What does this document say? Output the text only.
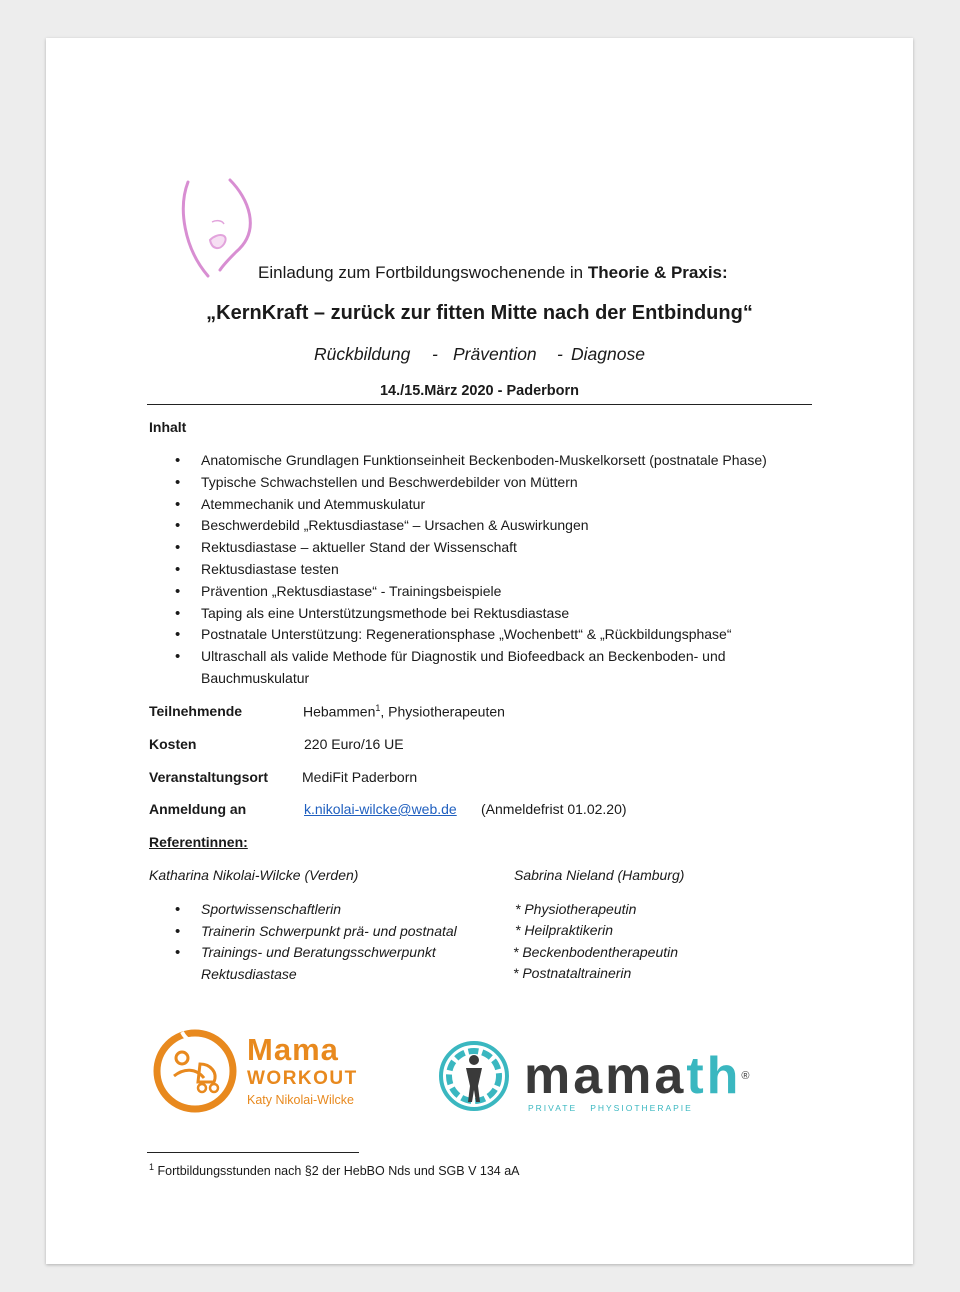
Einladung zum Fortbildungswochenende in Theorie & Praxis:
„KernKraft – zurück zur fitten Mitte nach der Entbindung“
Rückbildung - Prävention - Diagnose
14./15.März 2020 - Paderborn
Inhalt
• Anatomische Grundlagen Funktionseinheit Beckenboden-Muskelkorsett (postnatale Phase)
• Typische Schwachstellen und Beschwerdebilder von Müttern
• Atemmechanik und Atemmuskulatur
• Beschwerdebild „Rektusdiastase“ – Ursachen & Auswirkungen
• Rektusdiastase – aktueller Stand der Wissenschaft
• Rektusdiastase testen
• Prävention „Rektusdiastase“ - Trainingsbeispiele
• Taping als eine Unterstützungsmethode bei Rektusdiastase
• Postnatale Unterstützung: Regenerationsphase „Wochenbett“ & „Rückbildungsphase“
• Ultraschall als valide Methode für Diagnostik und Biofeedback an Beckenboden- und Bauchmuskulatur
Teilnehmende	Hebammen$^1$, Physiotherapeuten
Kosten	220 Euro/16 UE
Veranstaltungsort MediFit Paderborn
Anmeldung an	k.nikolai-wilcke@web.de (Anmeldefrist 01.02.20)
Referentinnen:
Katharina Nikolai-Wilcke (Verden)	Sabrina Nieland (Hamburg)
• Sportwissenschaftlerin
• Trainerin Schwerpunkt prä- und postnatal
• Trainings- und Beratungsschwerpunkt Rektusdiastase
* Physiotherapeutin
* Heilpraktikerin
* Beckenbodentherapeutin
* Postnataltrainerin
Mama
WORKOUT
Katy Nikolai-Wilcke	mamath®
PRIVATE   PHYSIOTHERAPIE
$^1$ Fortbildungsstunden nach §2 der HebBO Nds und SGB V 134 aA
